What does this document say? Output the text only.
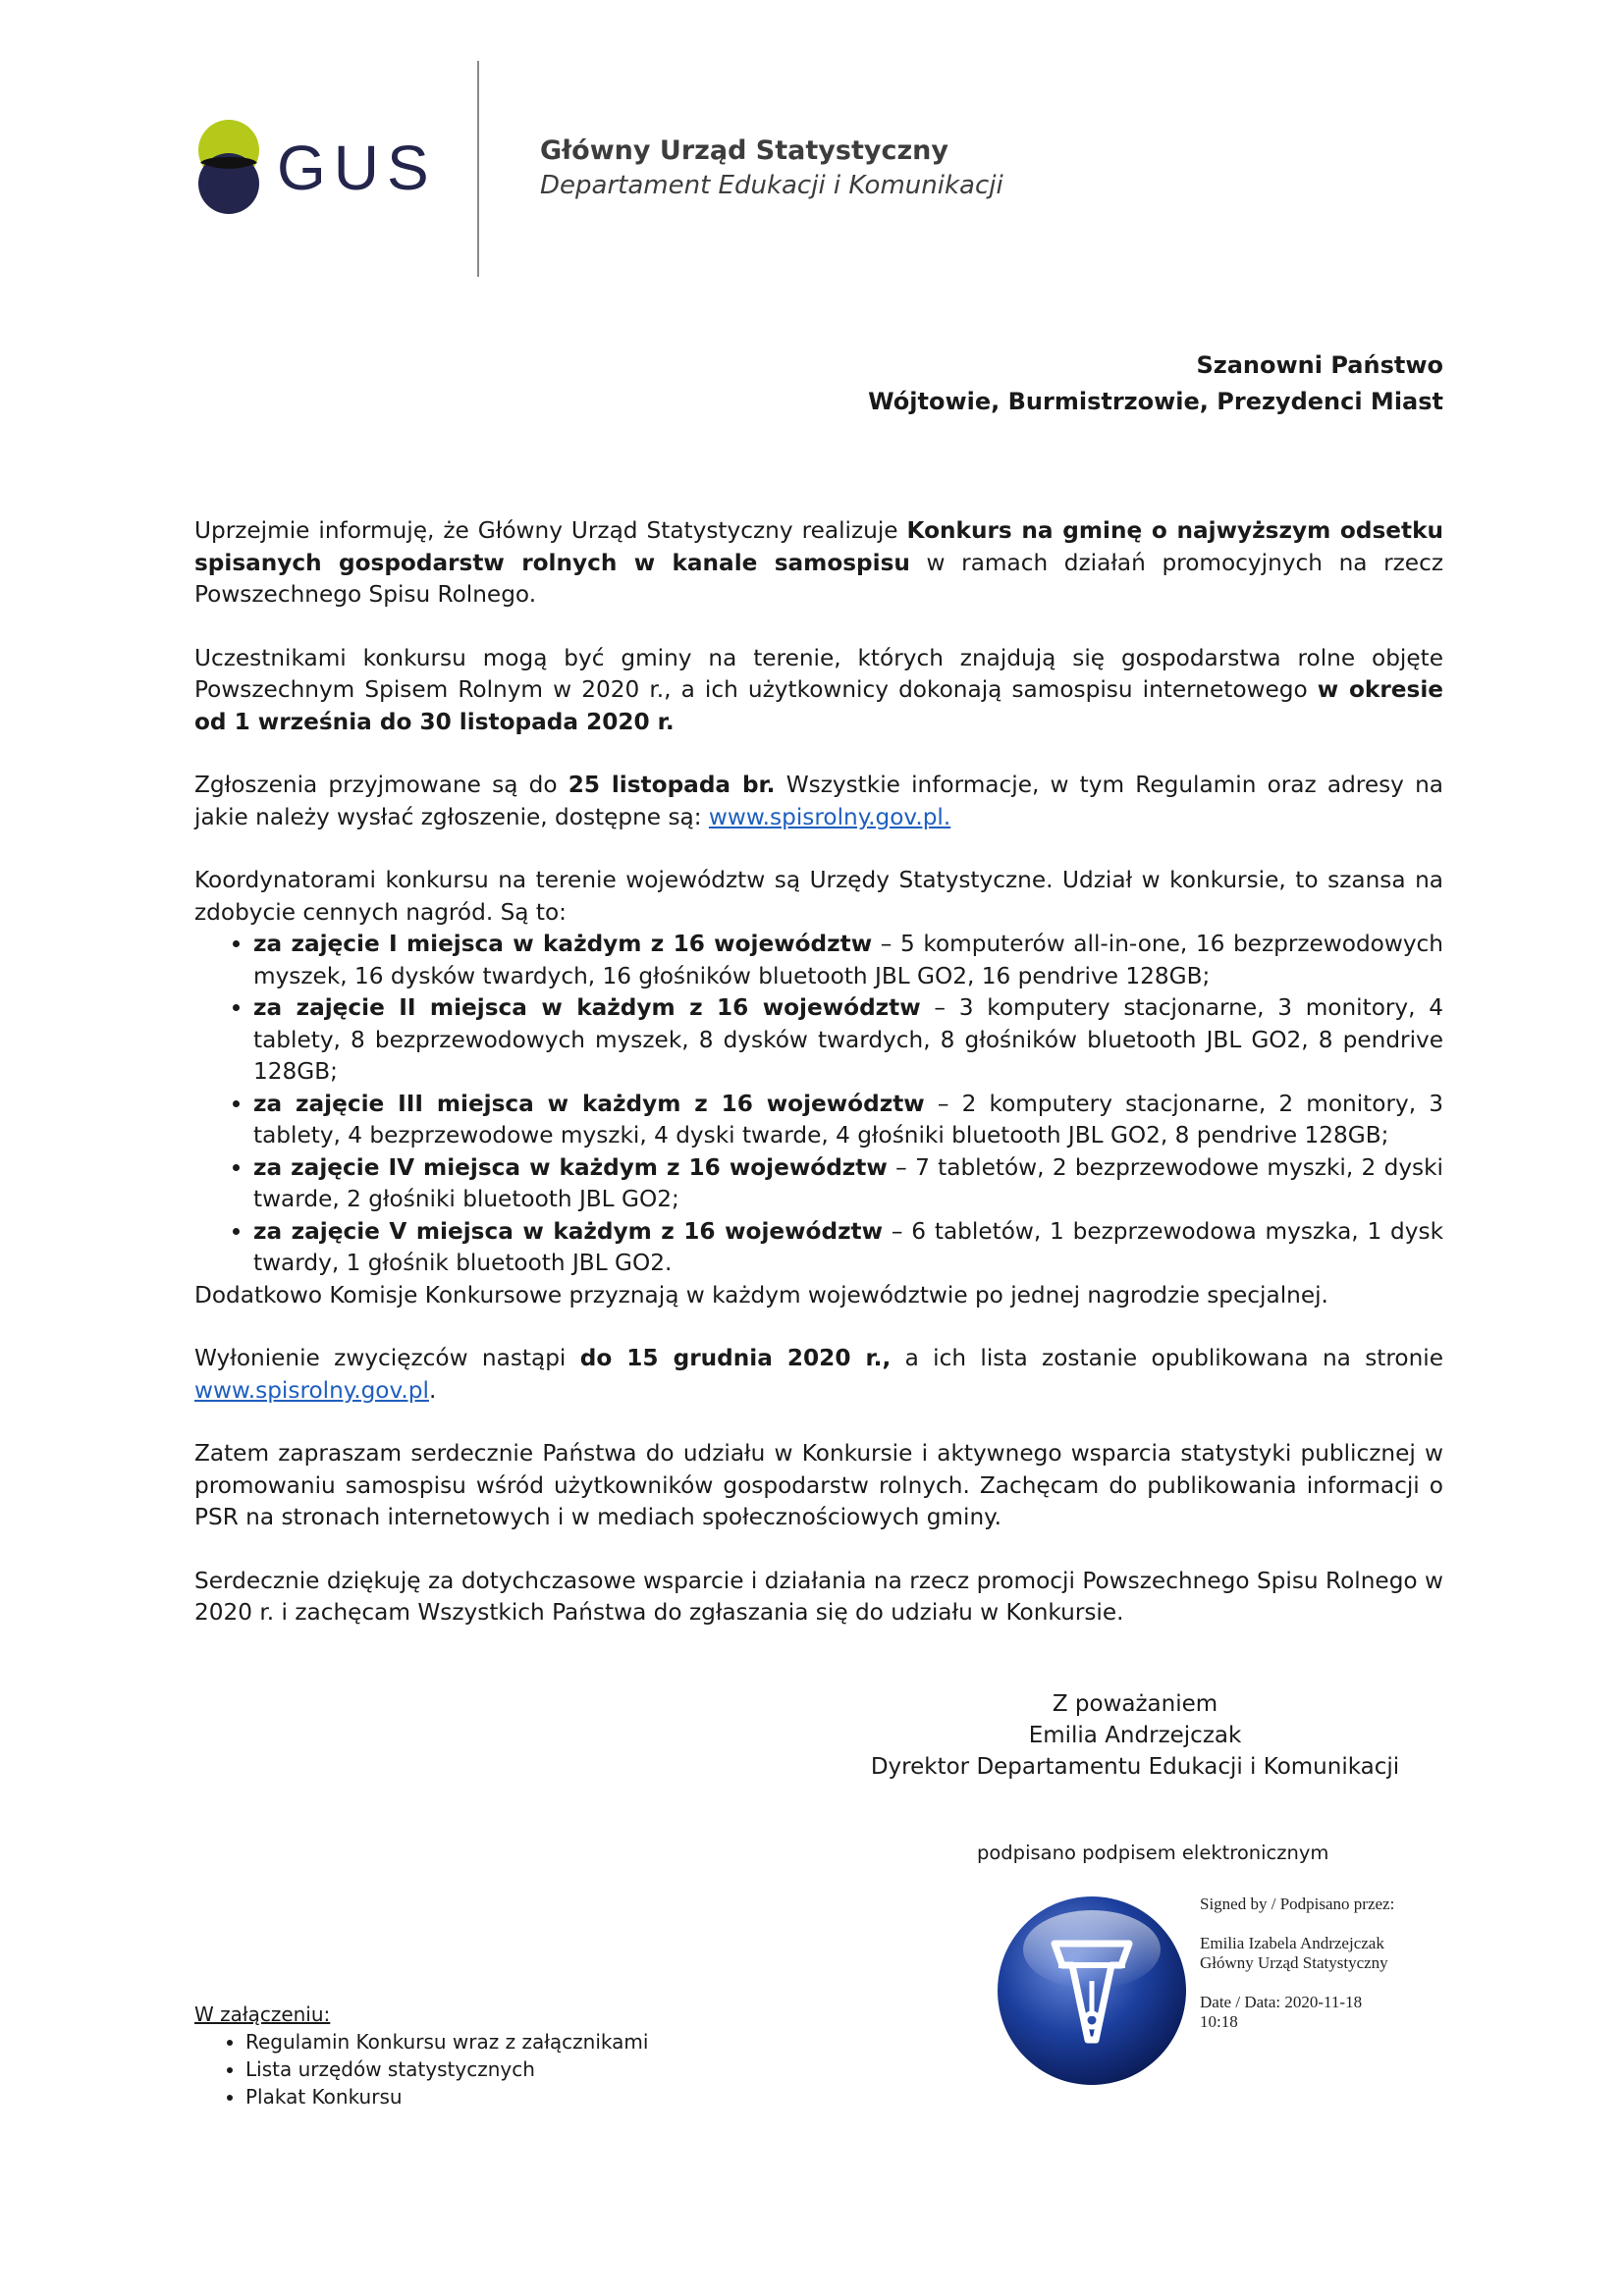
GUS	Główny Urząd Statystyczny
Departament Edukacji i Komunikacji
Szanowni Państwo
Wójtowie, Burmistrzowie, Prezydenci Miast

Uprzejmie informuję, że Główny Urząd Statystyczny realizuje Konkurs na gminę o najwyższym odsetku spisanych gospodarstw rolnych w kanale samospisu w ramach działań promocyjnych na rzecz Powszechnego Spisu Rolnego.

Uczestnikami konkursu mogą być gminy na terenie, których znajdują się gospodarstwa rolne objęte Powszechnym Spisem Rolnym w 2020 r., a ich użytkownicy dokonają samospisu internetowego w okresie od 1 września do 30 listopada 2020 r.

Zgłoszenia przyjmowane są do 25 listopada br. Wszystkie informacje, w tym Regulamin oraz adresy na jakie należy wysłać zgłoszenie, dostępne są: www.spisrolny.gov.pl.

Koordynatorami konkursu na terenie województw są Urzędy Statystyczne. Udział w konkursie, to szansa na zdobycie cennych nagród. Są to:

• za zajęcie I miejsca w każdym z 16 województw – 5 komputerów all-in-one, 16 bezprzewodowych myszek, 16 dysków twardych, 16 głośników bluetooth JBL GO2, 16 pendrive 128GB;
• za zajęcie II miejsca w każdym z 16 województw – 3 komputery stacjonarne, 3 monitory, 4 tablety, 8 bezprzewodowych myszek, 8 dysków twardych, 8 głośników bluetooth JBL GO2, 8 pendrive 128GB;
• za zajęcie III miejsca w każdym z 16 województw – 2 komputery stacjonarne, 2 monitory, 3 tablety, 4 bezprzewodowe myszki, 4 dyski twarde, 4 głośniki bluetooth JBL GO2, 8 pendrive 128GB;
• za zajęcie IV miejsca w każdym z 16 województw – 7 tabletów, 2 bezprzewodowe myszki, 2 dyski twarde, 2 głośniki bluetooth JBL GO2;
• za zajęcie V miejsca w każdym z 16 województw – 6 tabletów, 1 bezprzewodowa myszka, 1 dysk twardy, 1 głośnik bluetooth JBL GO2.

Dodatkowo Komisje Konkursowe przyznają w każdym województwie po jednej nagrodzie specjalnej.

Wyłonienie zwycięzców nastąpi do 15 grudnia 2020 r., a ich lista zostanie opublikowana na stronie www.spisrolny.gov.pl.

Zatem zapraszam serdecznie Państwa do udziału w Konkursie i aktywnego wsparcia statystyki publicznej w promowaniu samospisu wśród użytkowników gospodarstw rolnych. Zachęcam do publikowania informacji o PSR na stronach internetowych i w mediach społecznościowych gminy.

Serdecznie dziękuję za dotychczasowe wsparcie i działania na rzecz promocji Powszechnego Spisu Rolnego w 2020 r. i zachęcam Wszystkich Państwa do zgłaszania się do udziału w Konkursie.

Z poważaniem
Emilia Andrzejczak
Dyrektor Departamentu Edukacji i Komunikacji
podpisano podpisem elektronicznym
Signed by / Podpisano przez:
Emilia Izabela Andrzejczak
Główny Urząd Statystyczny
Date / Data: 2020-11-18
10:18
W załączeniu:
• Regulamin Konkursu wraz z załącznikami
• Lista urzędów statystycznych
• Plakat Konkursu
